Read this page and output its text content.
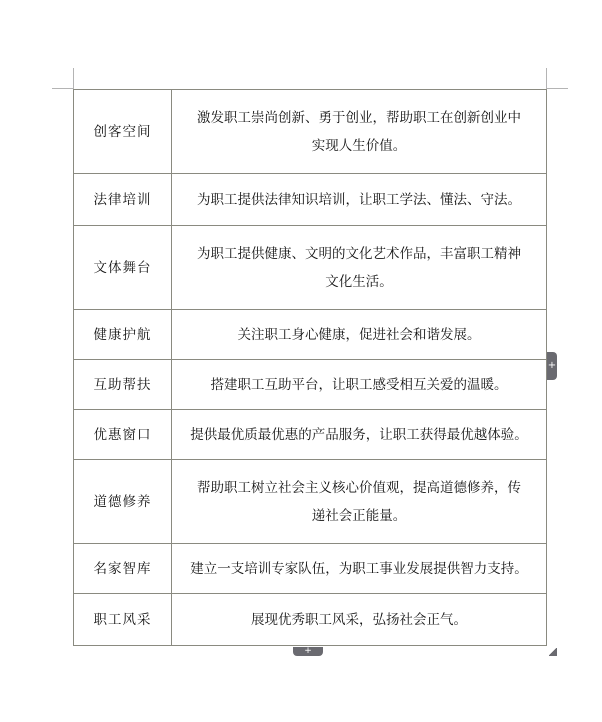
创客空间	激发职工崇尚创新、勇于创业，帮助职工在创新创业中
实现人生价值。

法律培训	为职工提供法律知识培训，让职工学法、懂法、守法。

文体舞台	为职工提供健康、文明的文化艺术作品，丰富职工精神
文化生活。

健康护航	关注职工身心健康，促进社会和谐发展。

互助帮扶	搭建职工互助平台，让职工感受相互关爱的温暖。

优惠窗口	提供最优质最优惠的产品服务，让职工获得最优越体验。

道德修养	帮助职工树立社会主义核心价值观，提高道德修养，传
递社会正能量。

名家智库	建立一支培训专家队伍，为职工事业发展提供智力支持。

职工风采	展现优秀职工风采，弘扬社会正气。
+
+
